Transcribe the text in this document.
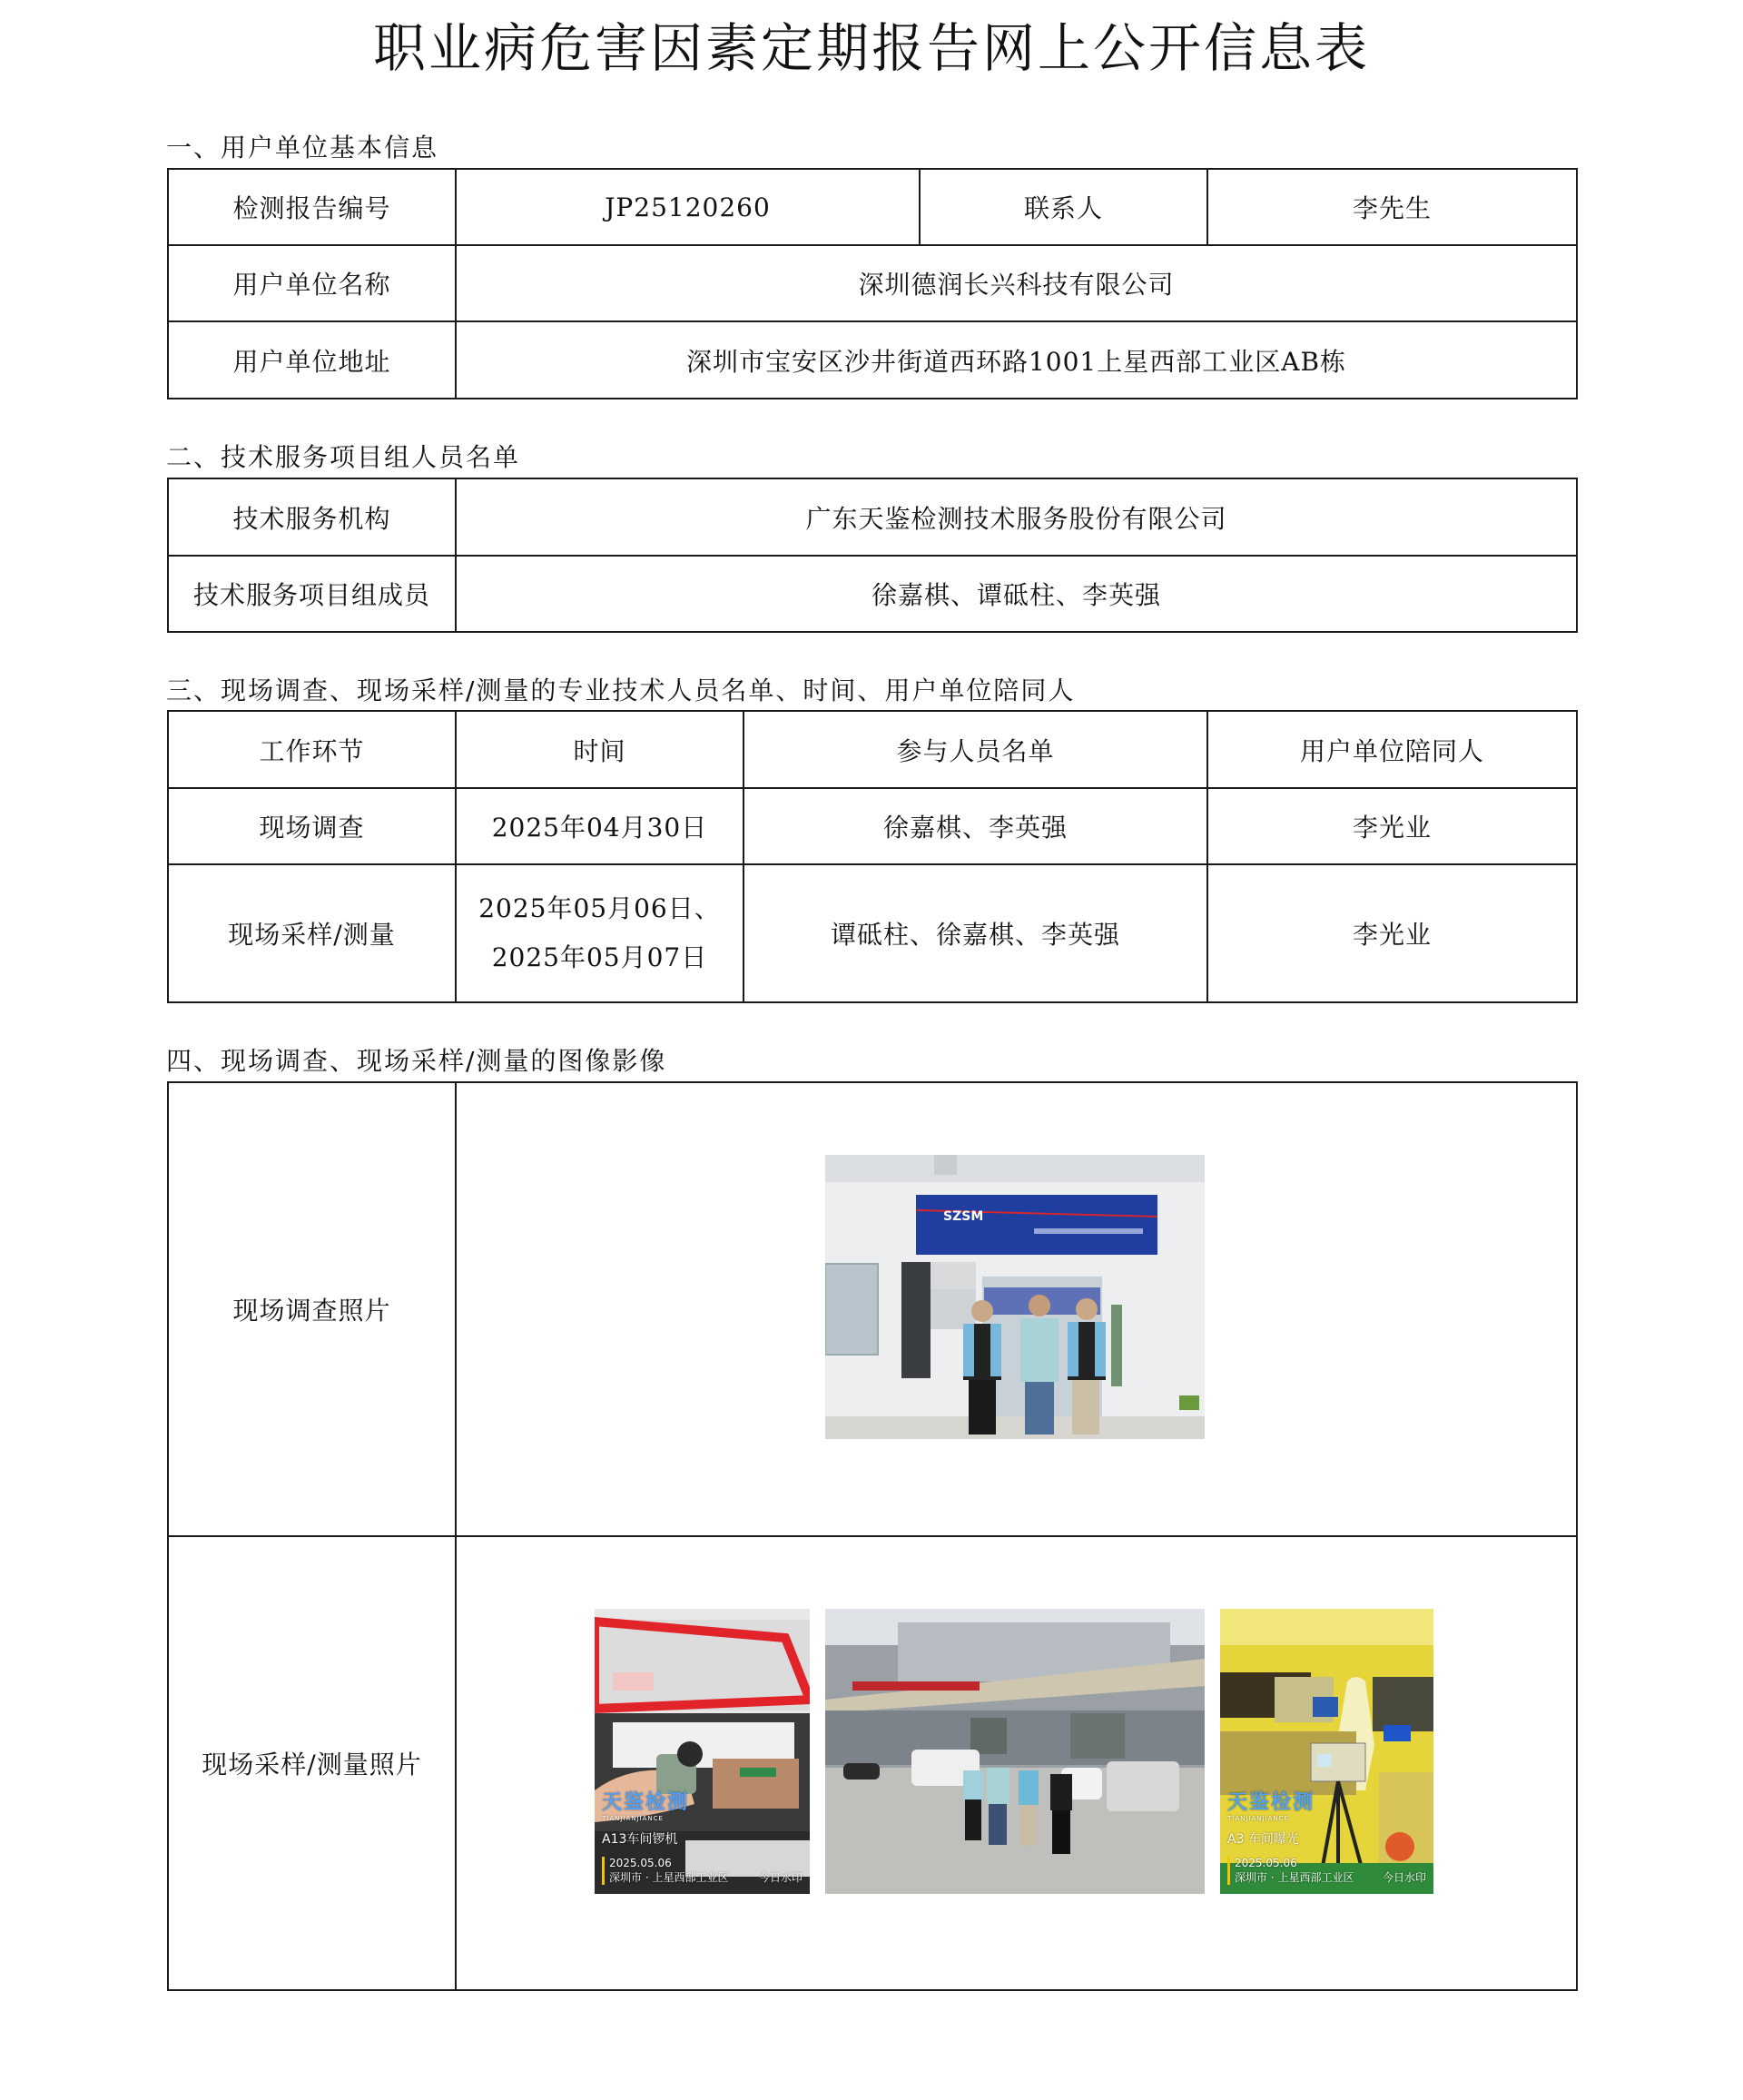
职业病危害因素定期报告网上公开信息表
一、用户单位基本信息
检测报告编号	JP25120260	联系人	李先生
用户单位名称	深圳德润长兴科技有限公司		
用户单位地址	深圳市宝安区沙井街道西环路1001上星西部工业区AB栋		
二、技术服务项目组人员名单
技术服务机构	广东天鉴检测技术服务股份有限公司
技术服务项目组成员	徐嘉棋、谭砥柱、李英强
三、现场调查、现场采样/测量的专业技术人员名单、时间、用户单位陪同人
工作环节	时间	参与人员名单	用户单位陪同人
现场调查	2025年04月30日	徐嘉棋、李英强	李光业
现场采样/测量	2025年05月06日、
2025年05月07日	谭砥柱、徐嘉棋、李英强	李光业
四、现场调查、现场采样/测量的图像影像
现场调查照片	
现场采样/测量照片	
SZSM
天鉴检测
TIANJIANJIANCE
A13车间锣机
2025.05.06
深圳市 · 上星西部工业区	今日水印
天鉴检测
TIANJIANJIANCE
A3 车间曝光
2025.05.06
深圳市 · 上星西部工业区	今日水印
